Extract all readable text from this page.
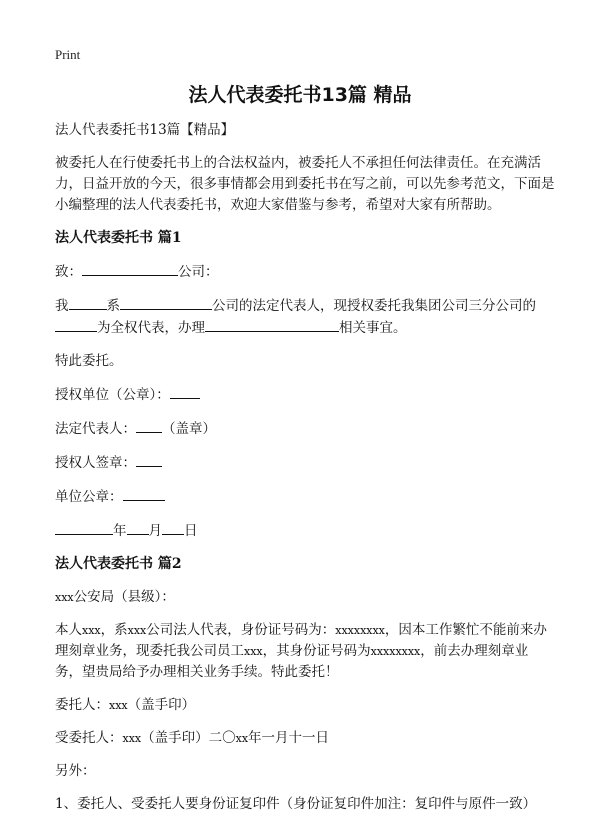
Print
法人代表委托书13篇 精品
法人代表委托书13篇【精品】
被委托人在行使委托书上的合法权益内，被委托人不承担任何法律责任。在充满活力，日益开放的今天，很多事情都会用到委托书在写之前，可以先参考范文，下面是小编整理的法人代表委托书，欢迎大家借鉴与参考，希望对大家有所帮助。
法人代表委托书 篇1
致：	公司：
我	系	公司的法定代表人，现授权委托我集团公司三分公司的
为全权代表，办理	相关事宜。
特此委托。
授权单位（公章）：
法定代表人： （盖章）
授权人签章：
单位公章：
年 月 日
法人代表委托书 篇2
xxx公安局（县级）：
本人xxx，系xxx公司法人代表，身份证号码为：xxxxxxxx，因本工作繁忙不能前来办理刻章业务，现委托我公司员工xxx，其身份证号码为xxxxxxxx，前去办理刻章业务，望贵局给予办理相关业务手续。特此委托！
委托人：xxx（盖手印）
受委托人：xxx（盖手印）二〇xx年一月十一日
另外：
1、委托人、受委托人要身份证复印件（身份证复印件加注：复印件与原件一致）
